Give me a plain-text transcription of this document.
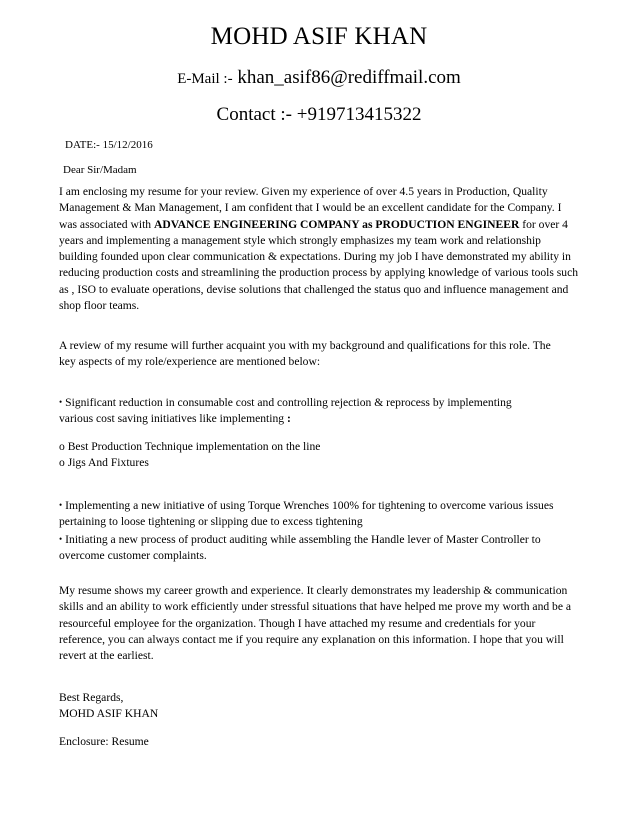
MOHD ASIF KHAN
E-Mail :- khan_asif86@rediffmail.com
Contact :- +919713415322
DATE:- 15/12/2016
Dear Sir/Madam
I am enclosing my resume for your review. Given my experience of over 4.5 years in Production, Quality
Management & Man Management, I am confident that I would be an excellent candidate for the Company. I
was associated with ADVANCE ENGINEERING COMPANY as PRODUCTION ENGINEER for over 4
years and implementing a management style which strongly emphasizes my team work and relationship
building founded upon clear communication & expectations. During my job I have demonstrated my ability in
reducing production costs and streamlining the production process by applying knowledge of various tools such
as , ISO to evaluate operations, devise solutions that challenged the status quo and influence management and
shop floor teams.
A review of my resume will further acquaint you with my background and qualifications for this role. The
key aspects of my role/experience are mentioned below:
• Significant reduction in consumable cost and controlling rejection & reprocess by implementing
various cost saving initiatives like implementing :
o Best Production Technique implementation on the line
o Jigs And Fixtures
• Implementing a new initiative of using Torque Wrenches 100% for tightening to overcome various issues
pertaining to loose tightening or slipping due to excess tightening
• Initiating a new process of product auditing while assembling the Handle lever of Master Controller to
overcome customer complaints.
My resume shows my career growth and experience. It clearly demonstrates my leadership & communication
skills and an ability to work efficiently under stressful situations that have helped me prove my worth and be a
resourceful employee for the organization. Though I have attached my resume and credentials for your
reference, you can always contact me if you require any explanation on this information. I hope that you will
revert at the earliest.
Best Regards,
MOHD ASIF KHAN
Enclosure: Resume
